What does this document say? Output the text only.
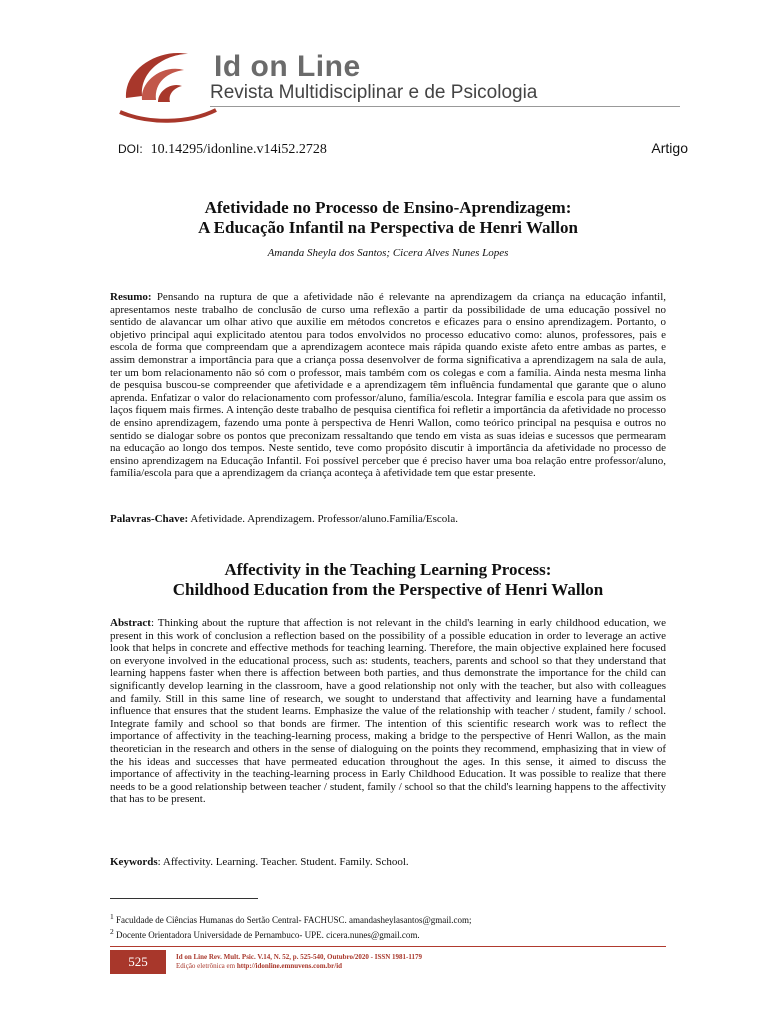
Id on Line
Revista Multidisciplinar e de Psicologia
DOI: 10.14295/idonline.v14i52.2728	Artigo
Afetividade no Processo de Ensino-Aprendizagem:
A Educação Infantil na Perspectiva de Henri Wallon
Amanda Sheyla dos Santos; Cicera Alves Nunes Lopes
Resumo: Pensando na ruptura de que a afetividade não é relevante na aprendizagem da criança na educação infantil, apresentamos neste trabalho de conclusão de curso uma reflexão a partir da possibilidade de uma educação possível no sentido de alavancar um olhar ativo que auxilie em métodos concretos e eficazes para o ensino aprendizagem. Portanto, o objetivo principal aqui explicitado atentou para todos envolvidos no processo educativo como: alunos, professores, pais e escola de forma que compreendam que a aprendizagem acontece mais rápida quando existe afeto entre ambas as partes, e assim demonstrar a importância para que a criança possa desenvolver de forma significativa a aprendizagem na sala de aula, ter um bom relacionamento não só com o professor, mais também com os colegas e com a família. Ainda nesta mesma linha de pesquisa buscou-se compreender que afetividade e a aprendizagem têm influência fundamental que garante que o aluno aprenda. Enfatizar o valor do relacionamento com professor/aluno, família/escola. Integrar família e escola para que assim os laços fiquem mais firmes. A intenção deste trabalho de pesquisa científica foi refletir a importância da afetividade no processo de ensino aprendizagem, fazendo uma ponte à perspectiva de Henri Wallon, como teórico principal na pesquisa e outros no sentido se dialogar sobre os pontos que preconizam ressaltando que tendo em vista as suas ideias e sucessos que permearam na educação ao longo dos tempos. Neste sentido, teve como propósito discutir à importância da afetividade no processo de ensino aprendizagem na Educação Infantil. Foi possível perceber que é preciso haver uma boa relação entre professor/aluno, família/escola para que a aprendizagem da criança aconteça à afetividade tem que estar presente.
Palavras-Chave: Afetividade. Aprendizagem. Professor/aluno.Família/Escola.
Affectivity in the Teaching Learning Process:
Childhood Education from the Perspective of Henri Wallon
Abstract: Thinking about the rupture that affection is not relevant in the child's learning in early childhood education, we present in this work of conclusion a reflection based on the possibility of a possible education in order to leverage an active look that helps in concrete and effective methods for teaching learning. Therefore, the main objective explained here focused on everyone involved in the educational process, such as: students, teachers, parents and school so that they understand that learning happens faster when there is affection between both parties, and thus demonstrate the importance for the child can significantly develop learning in the classroom, have a good relationship not only with the teacher, but also with colleagues and family. Still in this same line of research, we sought to understand that affectivity and learning have a fundamental influence that ensures that the student learns. Emphasize the value of the relationship with teacher / student, family / school. Integrate family and school so that bonds are firmer. The intention of this scientific research work was to reflect the importance of affectivity in the teaching-learning process, making a bridge to the perspective of Henri Wallon, as the main theoretician in the research and others in the sense of dialoguing on the points they recommend, emphasizing that in view of the his ideas and successes that have permeated education throughout the ages. In this sense, it aimed to discuss the importance of affectivity in the teaching-learning process in Early Childhood Education. It was possible to realize that there needs to be a good relationship between teacher / student, family / school so that the child's learning happens to the affectivity that has to be present.
Keywords: Affectivity. Learning. Teacher. Student. Family. School.
$^1$ Faculdade de Ciências Humanas do Sertão Central- FACHUSC. amandasheylasantos@gmail.com;
$^2$ Docente Orientadora Universidade de Pernambuco- UPE. cicera.nunes@gmail.com.
525	Id on Line Rev. Mult. Psic. V.14, N. 52, p. 525-540, Outubro/2020 - ISSN 1981-1179
Edição eletrônica em http://idonline.emnuvens.com.br/id
